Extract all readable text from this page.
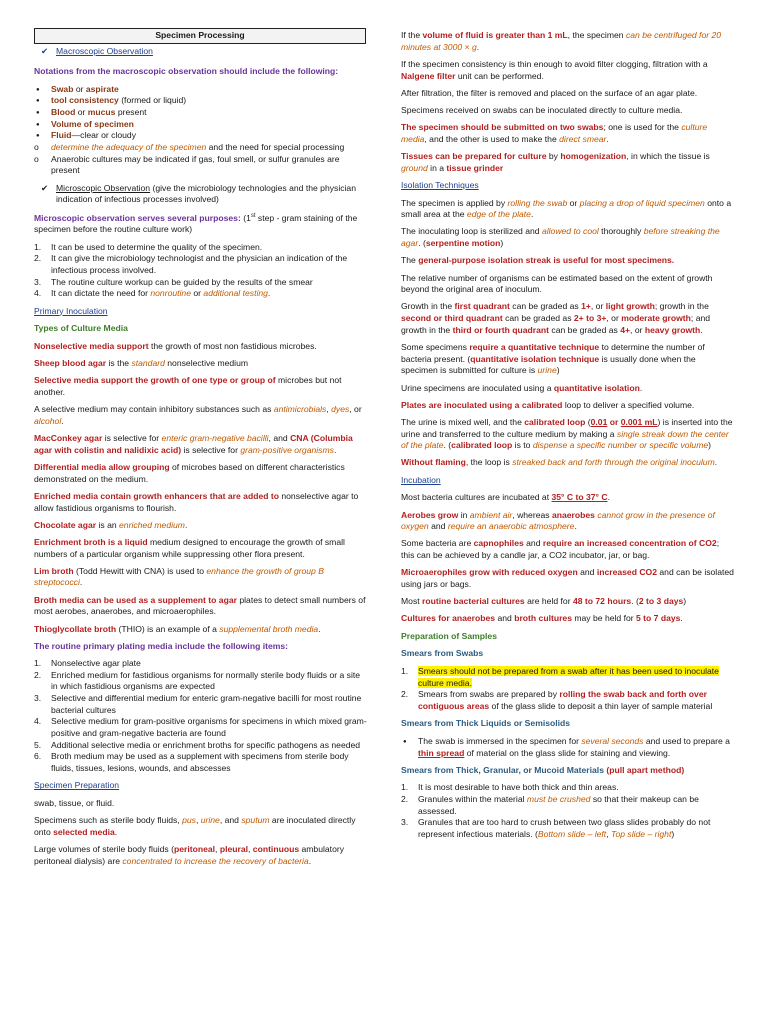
Specimen Processing

✔ Macroscopic Observation

Notations from the macroscopic observation should include the following:

● Swab or aspirate
● tool consistency (formed or liquid)
● Blood or mucus present
● Volume of specimen
● Fluid—clear or cloudy
o determine the adequacy of the specimen and the need for special processing
o Anaerobic cultures may be indicated if gas, foul smell, or sulfur granules are present

✔ Microscopic Observation (give the microbiology technologies and the physician indication of infectious processes involved)

Microscopic observation serves several purposes: (1st step - gram staining of the specimen before the routine culture work)

1. It can be used to determine the quality of the specimen.
2. It can give the microbiology technologist and the physician an indication of the infectious process involved.
3. The routine culture workup can be guided by the results of the smear
4. It can dictate the need for nonroutine or additional testing.

Primary Inoculation

Types of Culture Media

Nonselective media support the growth of most non fastidious microbes.

Sheep blood agar is the standard nonselective medium

Selective media support the growth of one type or group of microbes but not another.

A selective medium may contain inhibitory substances such as antimicrobials, dyes, or alcohol.

MacConkey agar is selective for enteric gram-negative bacilli, and CNA (Columbia agar with colistin and nalidixic acid) is selective for gram-positive organisms.

Differential media allow grouping of microbes based on different characteristics demonstrated on the medium.

Enriched media contain growth enhancers that are added to nonselective agar to allow fastidious organisms to flourish.

Chocolate agar is an enriched medium.

Enrichment broth is a liquid medium designed to encourage the growth of small numbers of a particular organism while suppressing other flora present.

Lim broth (Todd Hewitt with CNA) is used to enhance the growth of group B streptococci.

Broth media can be used as a supplement to agar plates to detect small numbers of most aerobes, anaerobes, and microaerophiles.

Thioglycollate broth (THIO) is an example of a supplemental broth media.

The routine primary plating media include the following items:

1. Nonselective agar plate
2. Enriched medium for fastidious organisms for normally sterile body fluids or a site in which fastidious organisms are expected
3. Selective and differential medium for enteric gram-negative bacilli for most routine bacterial cultures
4. Selective medium for gram-positive organisms for specimens in which mixed gram-positive and gram-negative bacteria are found
5. Additional selective media or enrichment broths for specific pathogens as needed
6. Broth medium may be used as a supplement with specimens from sterile body fluids, tissues, lesions, wounds, and abscesses

Specimen Preparation

swab, tissue, or fluid.

Specimens such as sterile body fluids, pus, urine, and sputum are inoculated directly onto selected media.

Large volumes of sterile body fluids (peritoneal, pleural, continuous ambulatory peritoneal dialysis) are concentrated to increase the recovery of bacteria.

If the volume of fluid is greater than 1 mL, the specimen can be centrifuged for 20 minutes at 3000 × g.

If the specimen consistency is thin enough to avoid filter clogging, filtration with a Nalgene filter unit can be performed.

After filtration, the filter is removed and placed on the surface of an agar plate.

Specimens received on swabs can be inoculated directly to culture media.

The specimen should be submitted on two swabs; one is used for the culture media, and the other is used to make the direct smear.

Tissues can be prepared for culture by homogenization, in which the tissue is ground in a tissue grinder

Isolation Techniques

The specimen is applied by rolling the swab or placing a drop of liquid specimen onto a small area at the edge of the plate.

The inoculating loop is sterilized and allowed to cool thoroughly before streaking the agar. (serpentine motion)

The general-purpose isolation streak is useful for most specimens.

The relative number of organisms can be estimated based on the extent of growth beyond the original area of inoculum.

Growth in the first quadrant can be graded as 1+, or light growth; growth in the second or third quadrant can be graded as 2+ to 3+, or moderate growth; and growth in the third or fourth quadrant can be graded as 4+, or heavy growth.

Some specimens require a quantitative technique to determine the number of bacteria present. (quantitative isolation technique is usually done when the specimen is submitted for culture is urine)

Urine specimens are inoculated using a quantitative isolation.

Plates are inoculated using a calibrated loop to deliver a specified volume.

The urine is mixed well, and the calibrated loop (0.01 or 0.001 mL) is inserted into the urine and transferred to the culture medium by making a single streak down the center of the plate. (calibrated loop is to dispense a specific number or specific volume)

Without flaming, the loop is streaked back and forth through the original inoculum.

Incubation

Most bacteria cultures are incubated at 35° C to 37° C.

Aerobes grow in ambient air, whereas anaerobes cannot grow in the presence of oxygen and require an anaerobic atmosphere.

Some bacteria are capnophiles and require an increased concentration of CO2; this can be achieved by a candle jar, a CO2 incubator, jar, or bag.

Microaerophiles grow with reduced oxygen and increased CO2 and can be isolated using jars or bags.

Most routine bacterial cultures are held for 48 to 72 hours. (2 to 3 days)

Cultures for anaerobes and broth cultures may be held for 5 to 7 days.

Preparation of Samples

Smears from Swabs

1. Smears should not be prepared from a swab after it has been used to inoculate culture media.
2. Smears from swabs are prepared by rolling the swab back and forth over contiguous areas of the glass slide to deposit a thin layer of sample material

Smears from Thick Liquids or Semisolids

● The swab is immersed in the specimen for several seconds and used to prepare a thin spread of material on the glass slide for staining and viewing.

Smears from Thick, Granular, or Mucoid Materials (pull apart method)

1. It is most desirable to have both thick and thin areas.
2. Granules within the material must be crushed so that their makeup can be assessed.
3. Granules that are too hard to crush between two glass slides probably do not represent infectious materials. (Bottom slide – left, Top slide – right)
